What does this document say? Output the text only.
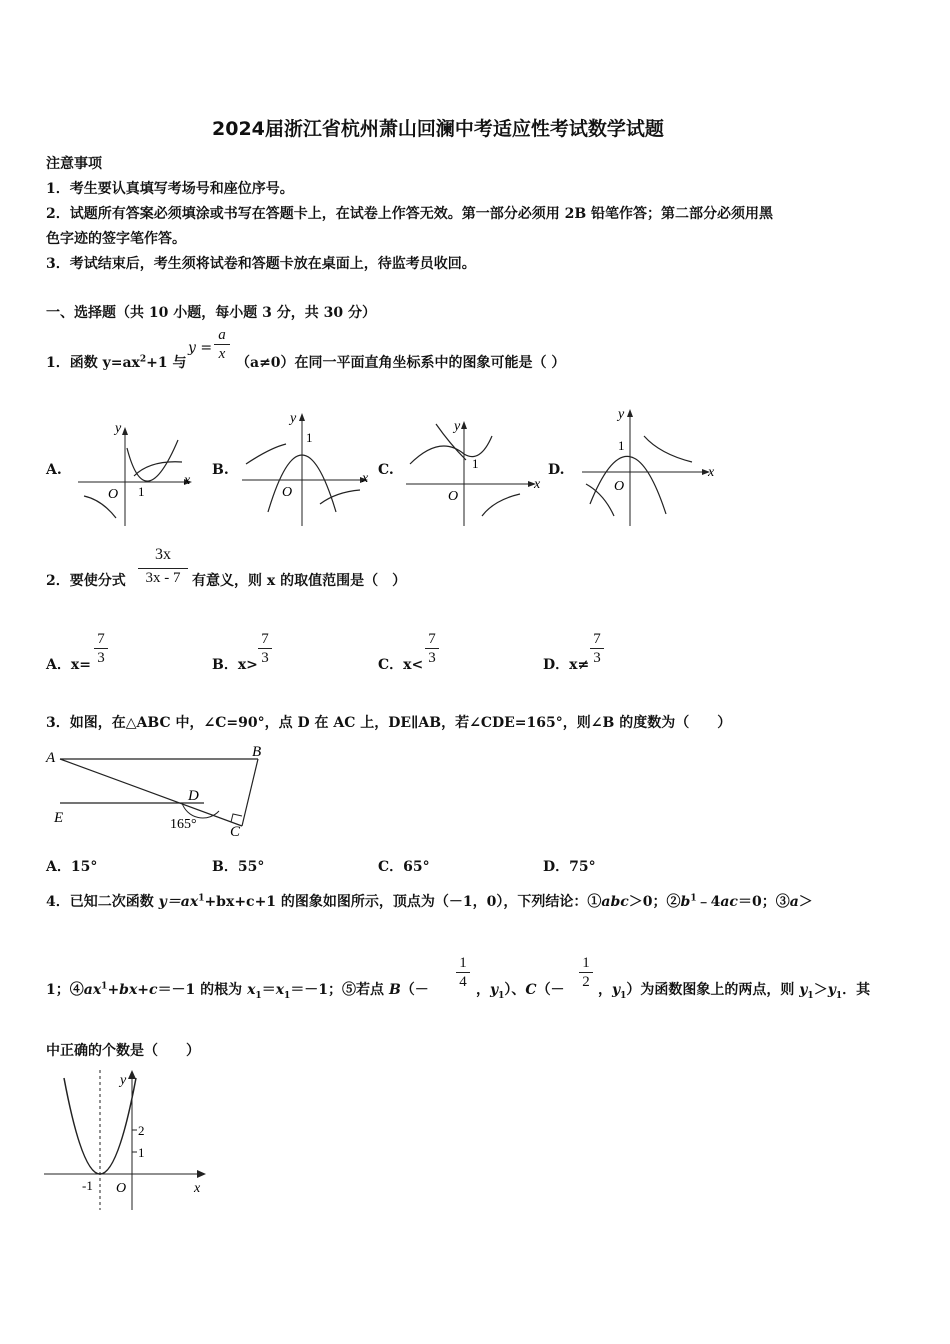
2024届浙江省杭州萧山回澜中考适应性考试数学试题
注意事项
1．考生要认真填写考场号和座位序号。
2．试题所有答案必须填涂或书写在答题卡上，在试卷上作答无效。第一部分必须用 2B 铅笔作答；第二部分必须用黑
色字迹的签字笔作答。
3．考试结束后，考生须将试卷和答题卡放在桌面上，待监考员收回。
一、选择题（共 10 小题，每小题 3 分，共 30 分）
1．函数 $y=ax^2+1$ 与
y =
a
x
（a≠0）在同一平面直角坐标系中的图象可能是（ ）
A.	B.	C.	D.
y
x
O 1
y
x
O
1
y
x
O
1
y
x
O
1
2．要使分式
3x
3x - 7 有意义，则 x 的取值范围是（　）
A．x=
7
3	B．x>
7
3	C．x<
7
3	D．x≠
7
3
3．如图，在△ABC 中，∠C=90°，点 D 在 AC 上，DE∥AB，若∠CDE=165°，则∠B 的度数为（　　）
A	B
C
D
E	165°
A．15°	B．55°	C．65°	D．75°
4．已知二次函数 $y=ax^1+bx+c+1$ 的图象如图所示，顶点为（－1，0），下列结论：①abc＞0；$②b^1﹣4ac=0$；③a＞
1；$④ax^1+bx+c=-1$ 的根为 $x_1=x_1=-1$；⑤若点 B（－
1
4 ，$y_1$）、C（－
1
2 ，$y_1$）为函数图象上的两点，则 $y_1>y_1$．其
中正确的个数是（　　）
y
x
O
2
1
-1
